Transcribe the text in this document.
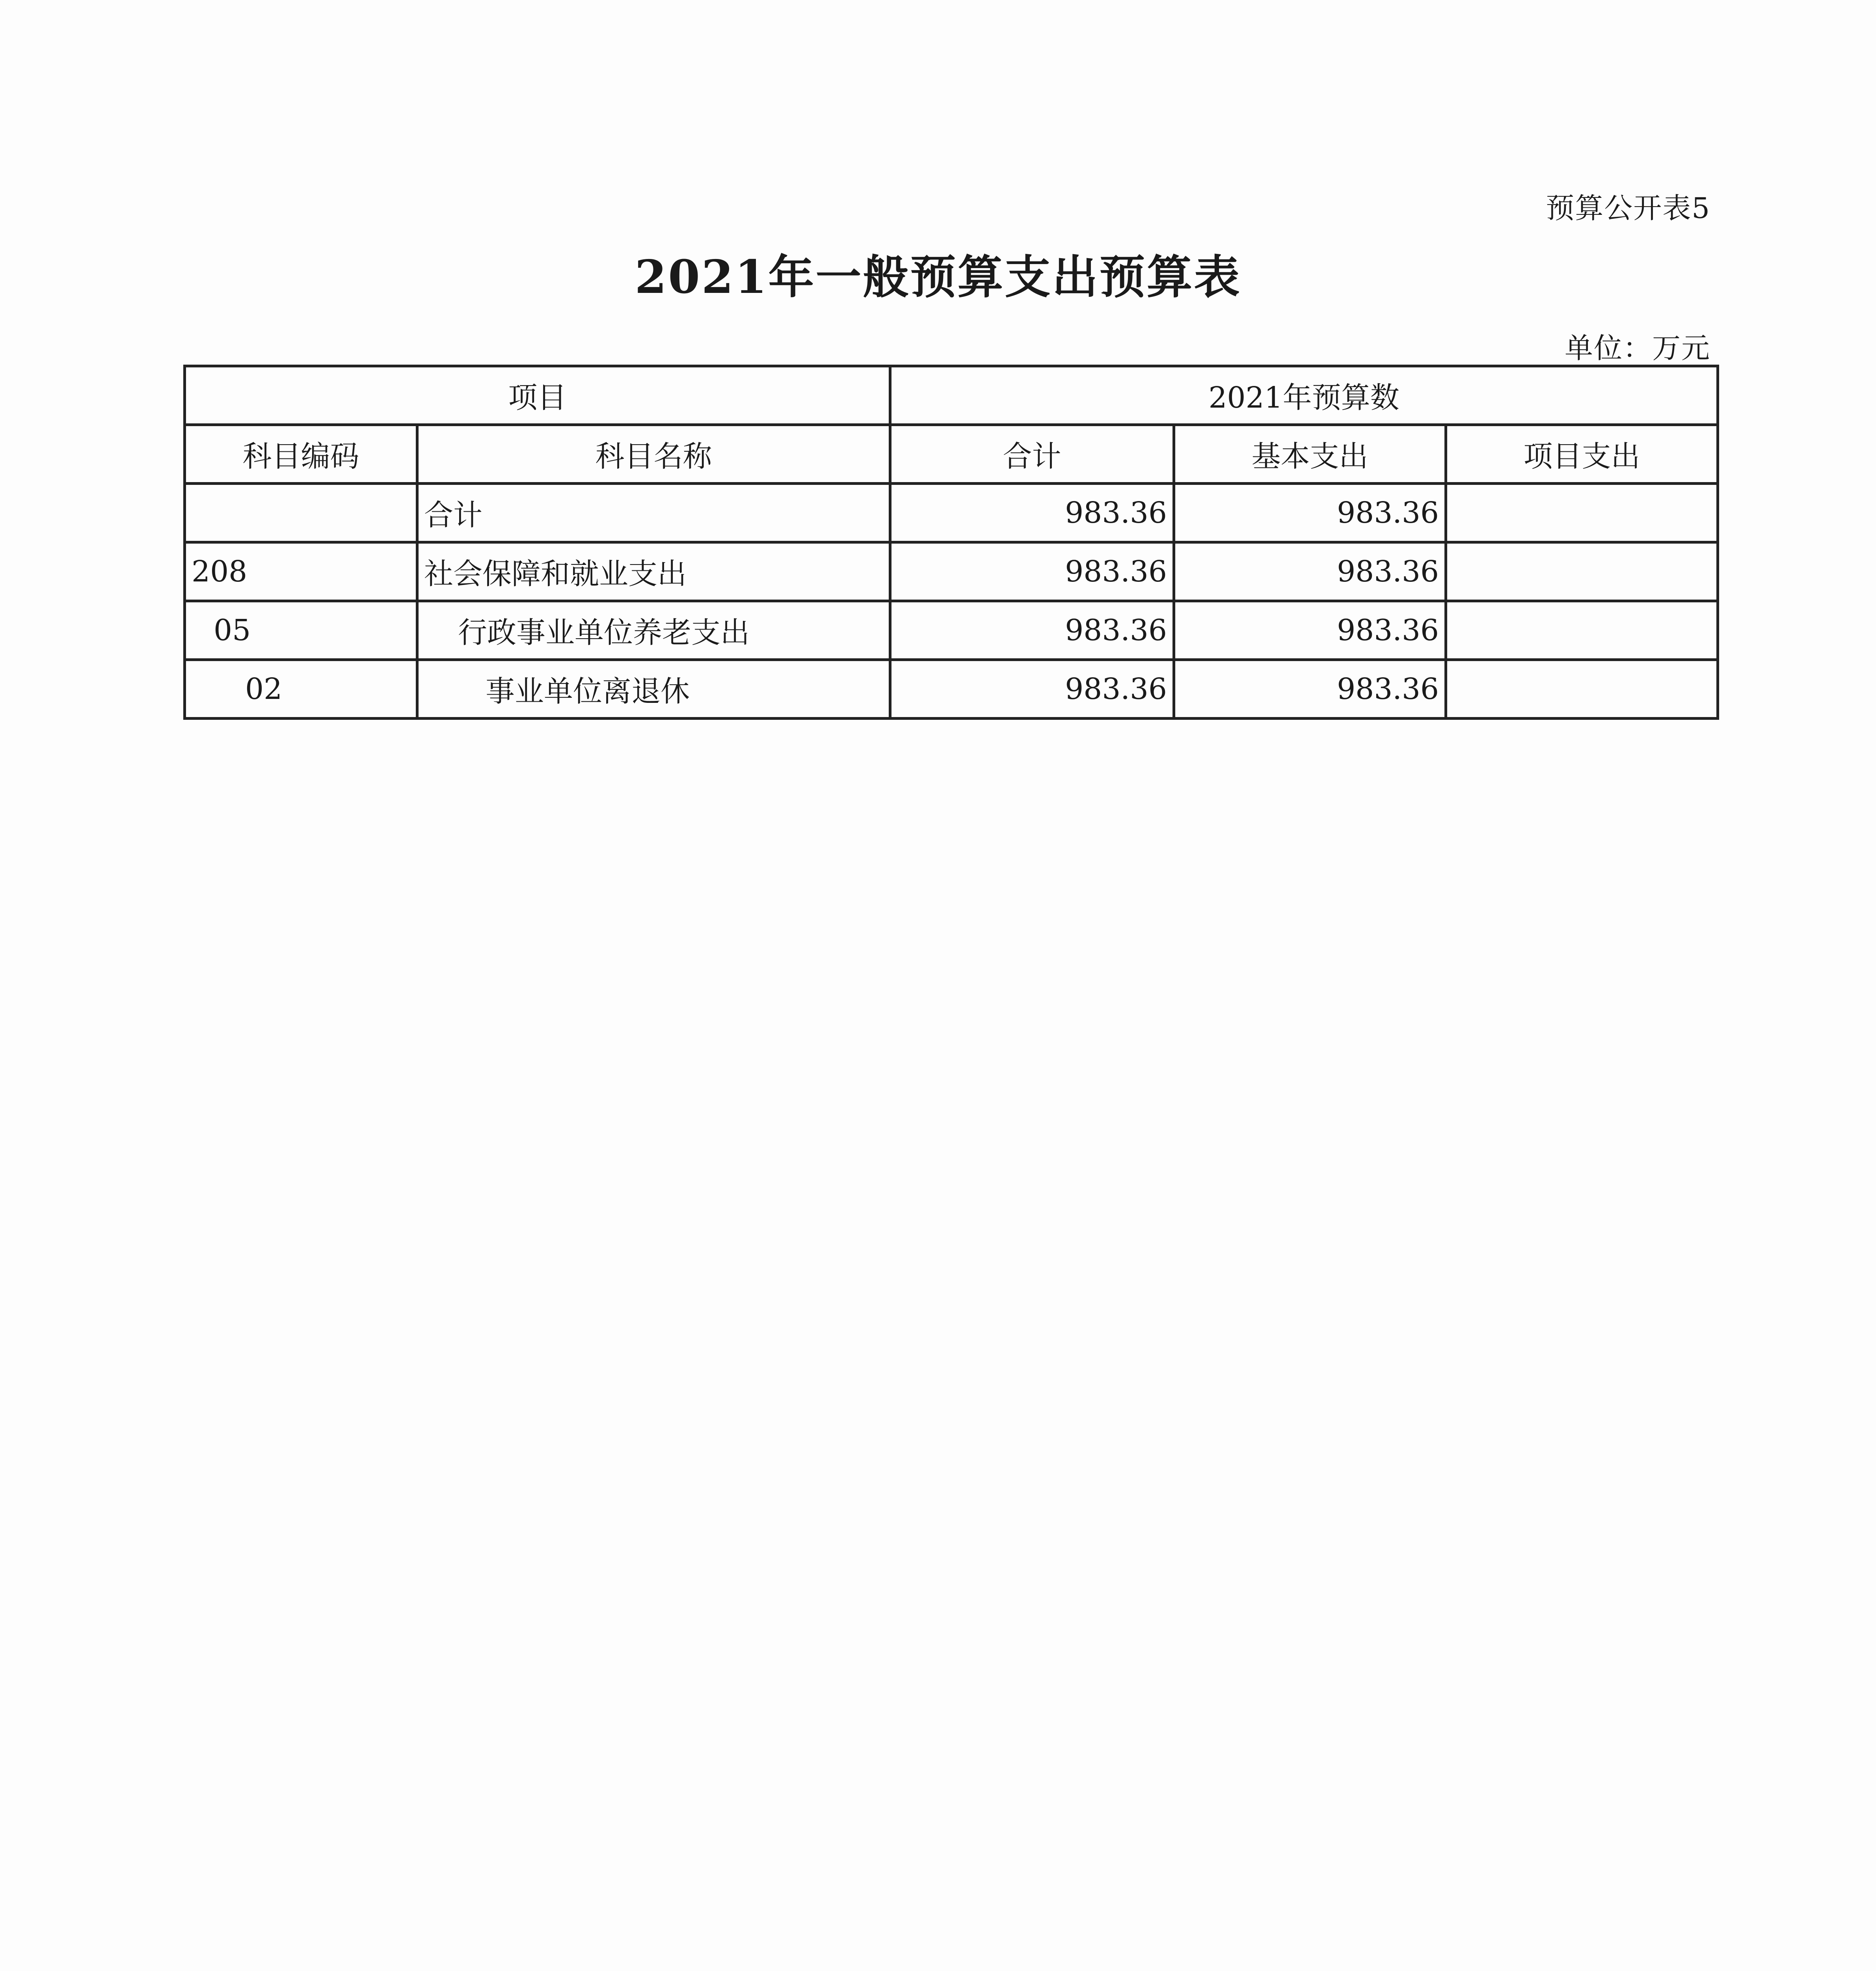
预算公开表5
2021年一般预算支出预算表
单位：万元
项目		2021年预算数		
科目编码	科目名称	合计	基本支出	项目支出
	合计	983.36	983.36	
208	社会保障和就业支出	983.36	983.36	
05	行政事业单位养老支出	983.36	983.36	
02	事业单位离退休	983.36	983.36	
